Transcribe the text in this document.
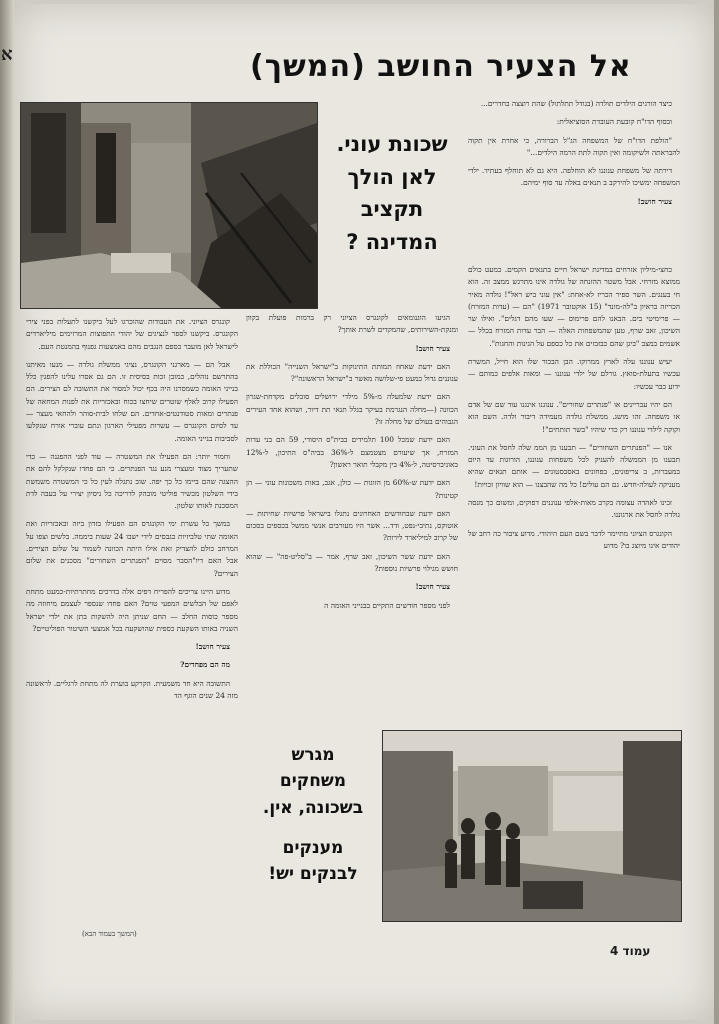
א	אל הצעיר החושב (המשך)
שכונת עוני.
לאן הולך
תקציב
המדינה ?

כיצד הורגים הילדים תולדה (בגודל תתלתול) שהת רוצצה בחדרים...

ובסוף הדו"ח קובעת העובדת הסוציאלית:

"הולפת הדו"ח של המשפחה הג"ל הברורה, כי אחרת אין תקוה להבראתה ולשיקומה ואין תקוה לתת הרמה הילדים..."

דירתה של משפחת ענוננו לא הוחלפה. היא גם לא תוחלף בעתיד. ילדי המשפחה ימשיכו להירקב ב תנאים באלה עד סוף ימיהם.

צעיר חושב!

כחצי-מיליון אזרחים במדינת ישראל חיים בתנאים הקמים. כמעט כולם ממוצא מזרחי. אבל משטר ההזנחה של גולדה אינו מתרגש ממצב זה. הוא חי בענגים. השר ספיר הכריז לא-אחת: "אין עוני ביש ראל"! גולדה מאיר הכריזה בראיון ב"לה-מונד" (15 אוקטובר 1971) "הם — (עדות המזרח) — פרימיטי בים. הבאנו להם פרימוס — שעו מהם דגלים". ואילו שר השיכון, זאב שרף, טען שהמשפחות האלה — הבר עדות המזרח בכלל — אשמים במצב "ביגן שהם כבזבזים את כל כספם על הגינות והחגות".

יעיש ענוננו עלה לארץ ממרוקו. הבן הבכור שלו הוא חייל, המשרת עכשיו בתעלת-סואץ. גורלם של ילדי ענוננו — ומאות אלפים כמותם — ידוע כבר עכשיו:

הם יהיו עבריינים או "פנתרים שחורים". ענוננו אינגנו עוד שם של אדם או משפחה. זהו מושג. ממשלת גולדה מעמידה דיבור ולדה. השם הוא וקוקה לילדי ענוננו רק כדי שיהיו "בשר תותחים"!

אנו — "הפנתרים השחורים" — תבענו מן הממ שלה לחסל את העוני. תבענו מן הממשלה להעניק לכל משפחות ענוננו, הורוגות עד היום במעברות, ב צריפונים, בפחונים באסבסטונים — אותם תנאים שהיא מעניקה לעולה-חדש. גם הם עולים! כל מה שהבצנו — הוא שוויון זכויות!

זכינו לאהדה עצומה בקרב מאות-אלפי ענוננים דפוקים, ומשום כך מנסה גולדה לחסל את ארגוננו.

הקונגרס הציוני מתיימר לדבר בשם העם היהודי. מדוע ציבור כה רחב של יהודים אינו מיוצג בו? מדוע

הגיעו הוגנומאים לקונגרס הציוני רק ברמות פועלת בקוון ומנקת-השירותים, שהמקדים לשרת אותך?

צעיר חושב!

האם ידעת שאחוז תמותת התינוקות ב"ישראל השנייה" הכוללת את ענוננים גדול כמעט פי-שלושה מאשר ב"ישראל הראשונה"?

האם ידעת שלמעלה מ-5% מילדי ירושלים סובלים מקדחת-שגרון הכוונה (—מחלה הנגרמת בעיקר בגלל תנאי תת דיור, ושהוא אחד העירים הגבוהים בעולם של מחלה זו?

האם ידעת שמכל 100 תלמידים בבית"ס היסודי, 59 הם בני עדות המזרח, אך שיעורם מצטמצם ל-36% בביה"ס התיכון, ל-12% באוניברסיטה, ל-4% בין מקבלי תואר ראשון?

האם ידעת ש-60% מן הזוגות — כולן, אגב, באות משכונות עוני — הן קטינות?

האם ידעת שבחודשים האחרונים נתגלו בישראל פרשיות שחיתות — אוטוקס, נתיבי-נפט, ודד... אשר היו מעורבים אנשי ממשל בכספים בסכום של קרוב למיליארד לירות?

האם ידעת ששר השיכון, זאב שרף, אמר — ב"סליט-פה" — שהוא חושש מגילוי פרשיות נוספות?

צעיר חושב!

לפני מספר חודשים התקיים בבנייני האומה ה

קונגרס הציוני. את העבודות שהוכרגו לעל ביקשנו לתעלות בפני צירי הקונגרס. ביקשנו לספר לנציגים של יהודי התפוצות המרזימים מיליארדים לישראל לאן מועבר כספם הנגבים מהם באמצעות גפנוף בהמנטת העם.

אבל הם — מארגני הקונגרס, נציגי ממשלת גולדה — מנעו מאיתנו בהתרשם נוהלים, כמובן זכות בסיסית זו. הם גם אסרו עלינו להפגין כלל בנייני האומה כשמסרנו היה בכף יכול למסור את התשובה לם הצירים. הם הפעילו קרוב לאלף שוטרים שיחצו בכוח ובאכזריות את לפנות המחאה של פנתרים ומאות סטודנטים-אחדים. הם שלחו לבית-סוהר ולהחאי מעצר — עד לסיום הקונגרס — עשרות מפעילי הארגון ונתם עוברי אורח שנקלעו לסביבות בנייני האומה.

וחמור יותר: הם הפעילו את המשטרה — עוד לפני ההפגנה — כדי שתעריך מצוד ומעצרי מנע נגד הפנתרים. כי הם פחדו שנקלקל להם את ההצגה שהם ביימו כל כך יפה. שוב נתגלה לעין כל כי המשטרה משמשת בידי השלטון מכשיר פוליטי מובהק לדריכה כל ניסיון יצירי על בעבה לדת המסכנת לאותו שלטון.

במשך כל עשרת ימי הקונגרס הם הפעילו בזדון ביזה ובאכזריות ואת האומה שתי טלביזיות בגבסים לידי ישבו 24 שעות ביממה. בלשים וצפו על המרחב כולם להצדיק זאת אילו היתה הכוונה לשמור על שלום הצירים. אבל האם דיו"הסבר מסוים "הפנתרים השחורים" מסכנים את שלום הצירים?

מדוע היינו צריכים להפריח דפים אלה בדרכים מחתרתיות-כמעט מתחת לאפם של הבלשים המפעי טוים? האם פחדו שנספר לעצמם מיחוזה מה מספר כוסות החלב — החם שניתן היה להשקות בתן את ילדי ישראל השניה באותו השקעת כספית שהושקעה בכל אמצעי השיטור הפוליטיים?

צעיר חושב!

מה הם מפחדים?

התשובה היא חד משמעית. הקרקע בוערת לה מתחת לרגליים. לראשונה מזה 24 שנים הוגף הד

מגרש
משחקים
בשכונה, אין.
מענקים
לבנקים יש!
(המשך בעמוד הבא)
עמוד 4
